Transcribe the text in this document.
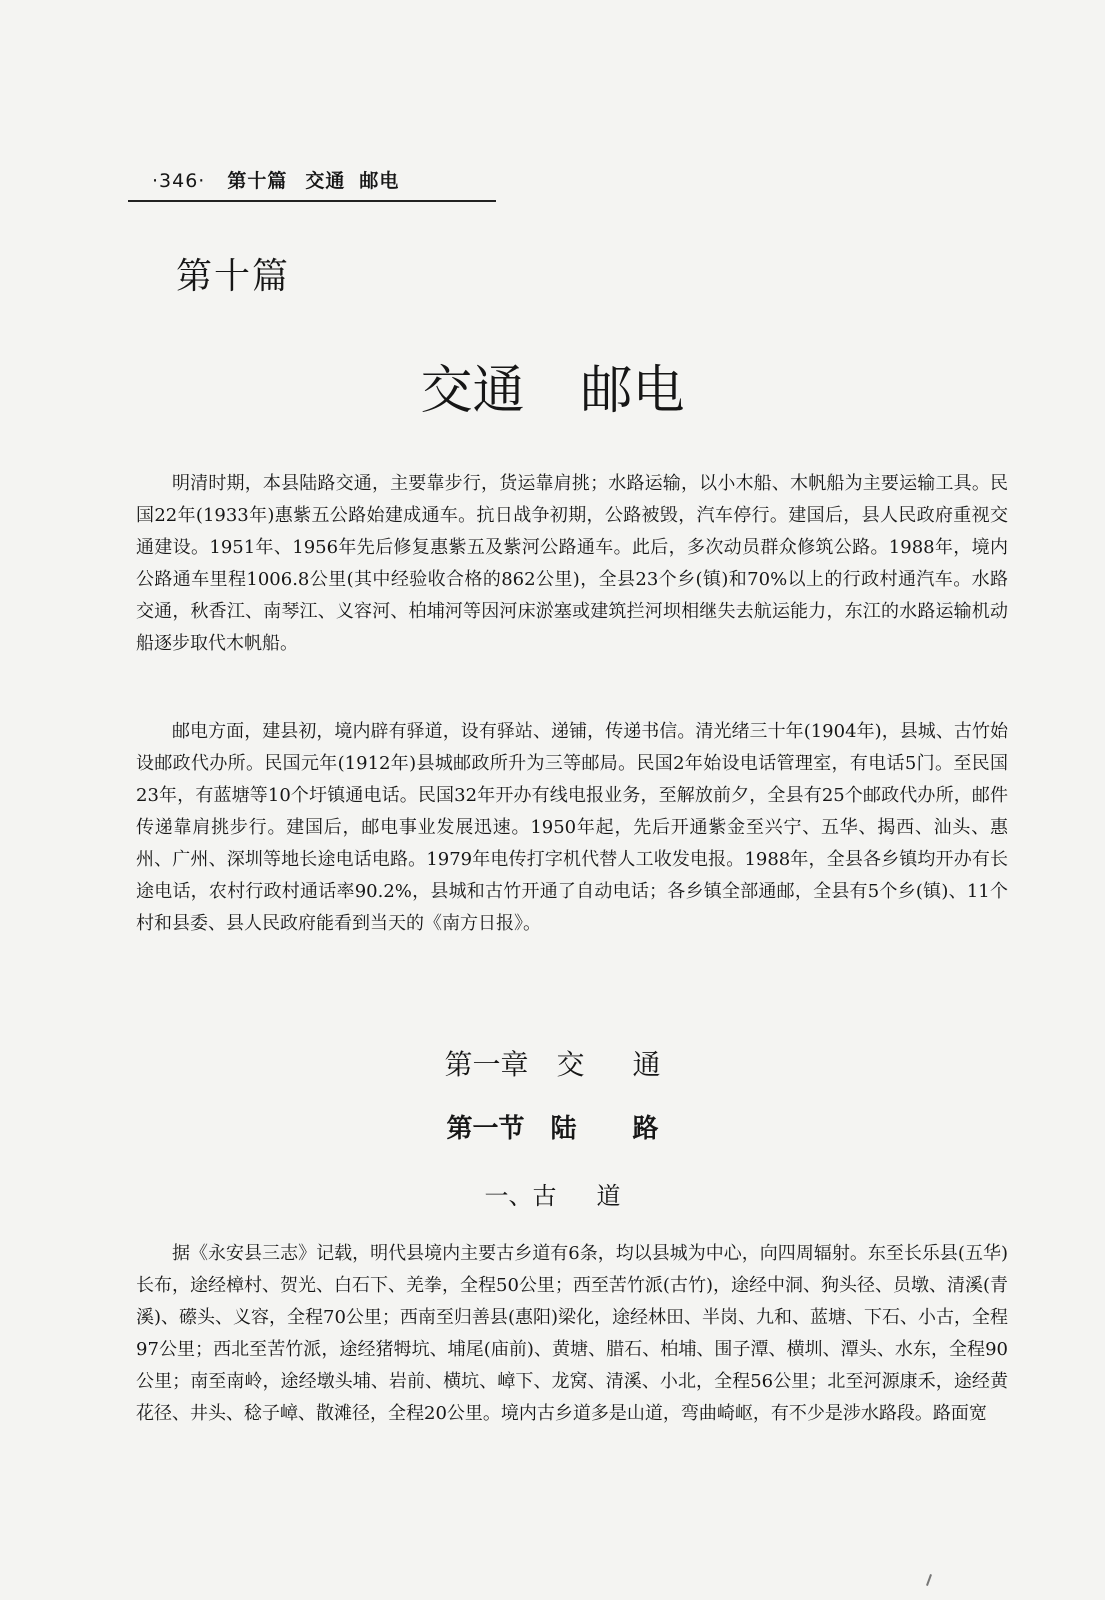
·346· 第十篇 交通 邮电
第十篇
交通 邮电

明清时期，本县陆路交通，主要靠步行，货运靠肩挑；水路运输，以小木船、木帆船为主要运输工具。民国22年(1933年)惠紫五公路始建成通车。抗日战争初期，公路被毁，汽车停行。建国后，县人民政府重视交通建设。1951年、1956年先后修复惠紫五及紫河公路通车。此后，多次动员群众修筑公路。1988年，境内公路通车里程1006.8公里(其中经验收合格的862公里)，全县23个乡(镇)和70%以上的行政村通汽车。水路交通，秋香江、南琴江、义容河、柏埔河等因河床淤塞或建筑拦河坝相继失去航运能力，东江的水路运输机动船逐步取代木帆船。

邮电方面，建县初，境内辟有驿道，设有驿站、递铺，传递书信。清光绪三十年(1904年)，县城、古竹始设邮政代办所。民国元年(1912年)县城邮政所升为三等邮局。民国2年始设电话管理室，有电话5门。至民国23年，有蓝塘等10个圩镇通电话。民国32年开办有线电报业务，至解放前夕，全县有25个邮政代办所，邮件传递靠肩挑步行。建国后，邮电事业发展迅速。1950年起，先后开通紫金至兴宁、五华、揭西、汕头、惠州、广州、深圳等地长途电话电路。1979年电传打字机代替人工收发电报。1988年，全县各乡镇均开办有长途电话，农村行政村通话率90.2%，县城和古竹开通了自动电话；各乡镇全部通邮，全县有5个乡(镇)、11个村和县委、县人民政府能看到当天的《南方日报》。

第一章 交 通
第一节 陆 路
一、古 道

据《永安县三志》记载，明代县境内主要古乡道有6条，均以县城为中心，向四周辐射。东至长乐县(五华)长布，途经樟村、贺光、白石下、羌拳，全程50公里；西至苦竹派(古竹)，途经中洞、狗头径、员墩、清溪(青溪)、礤头、义容，全程70公里；西南至归善县(惠阳)梁化，途经林田、半岗、九和、蓝塘、下石、小古，全程97公里；西北至苦竹派，途经猪牳坑、埔尾(庙前)、黄塘、腊石、柏埔、围子潭、横圳、潭头、水东，全程90公里；南至南岭，途经墩头埔、岩前、横坑、嶂下、龙窝、清溪、小北，全程56公里；北至河源康禾，途经黄花径、井头、稔子嶂、散滩径，全程20公里。境内古乡道多是山道，弯曲崎岖，有不少是涉水路段。路面宽
